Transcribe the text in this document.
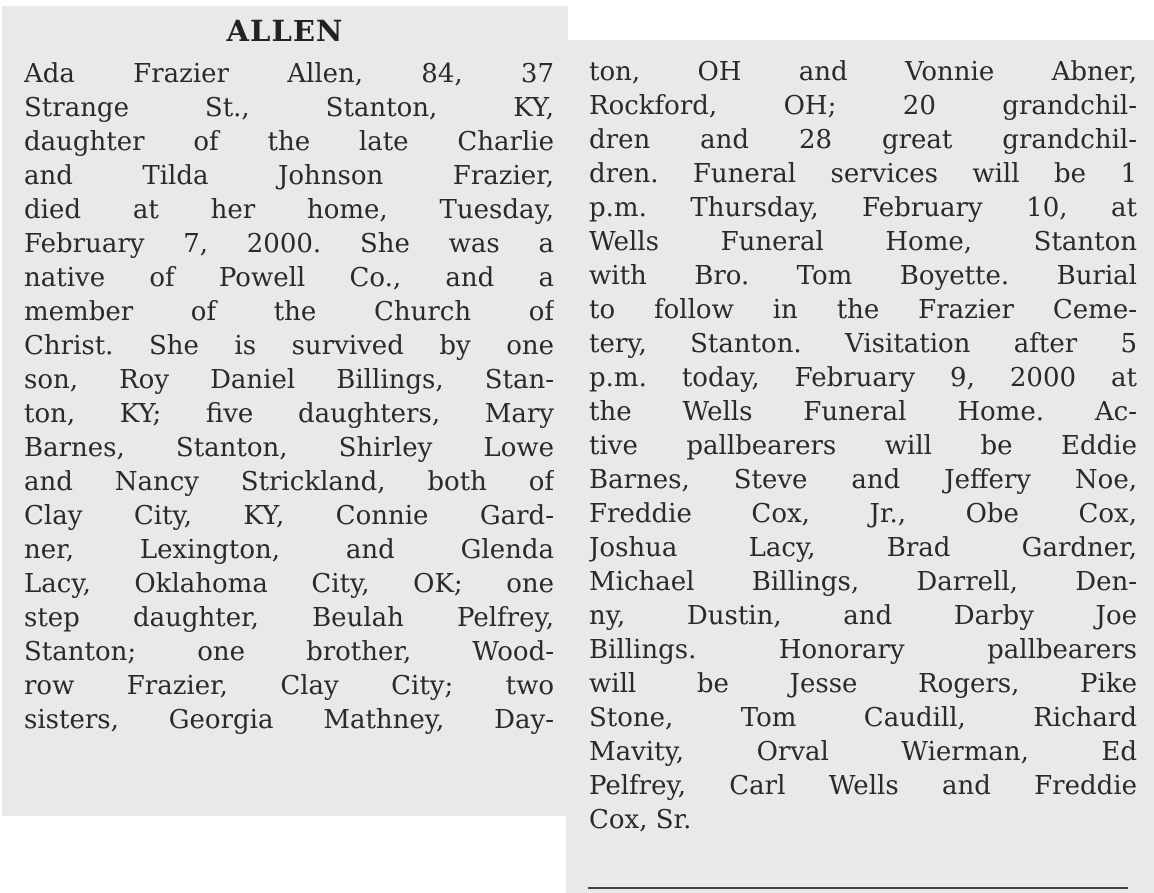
ALLEN
Ada Frazier Allen, 84, 37
Strange St., Stanton, KY,
daughter of the late Charlie
and Tilda Johnson Frazier,
died at her home, Tuesday,
February 7, 2000. She was a
native of Powell Co., and a
member of the Church of
Christ. She is survived by one
son, Roy Daniel Billings, Stan-
ton, KY; five daughters, Mary
Barnes, Stanton, Shirley Lowe
and Nancy Strickland, both of
Clay City, KY, Connie Gard-
ner, Lexington, and Glenda
Lacy, Oklahoma City, OK; one
step daughter, Beulah Pelfrey,
Stanton; one brother, Wood-
row Frazier, Clay City; two
sisters, Georgia Mathney, Day-
ton, OH and Vonnie Abner,
Rockford, OH; 20 grandchil-
dren and 28 great grandchil-
dren. Funeral services will be 1
p.m. Thursday, February 10, at
Wells Funeral Home, Stanton
with Bro. Tom Boyette. Burial
to follow in the Frazier Ceme-
tery, Stanton. Visitation after 5
p.m. today, February 9, 2000 at
the Wells Funeral Home. Ac-
tive pallbearers will be Eddie
Barnes, Steve and Jeffery Noe,
Freddie Cox, Jr., Obe Cox,
Joshua Lacy, Brad Gardner,
Michael Billings, Darrell, Den-
ny, Dustin, and Darby Joe
Billings. Honorary pallbearers
will be Jesse Rogers, Pike
Stone, Tom Caudill, Richard
Mavity, Orval Wierman, Ed
Pelfrey, Carl Wells and Freddie
Cox, Sr.
